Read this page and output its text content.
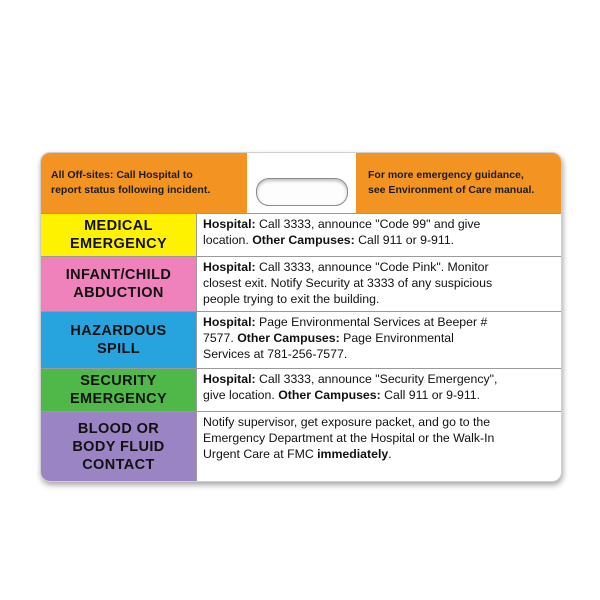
All Off-sites: Call Hospital to
report status following incident.
For more emergency guidance,
see Environment of Care manual.
MEDICAL
EMERGENCY
Hospital: Call 3333, announce "Code 99" and give
location. Other Campuses: Call 911 or 9-911.
INFANT/CHILD
ABDUCTION
Hospital: Call 3333, announce "Code Pink". Monitor
closest exit. Notify Security at 3333 of any suspicious
people trying to exit the building.
HAZARDOUS
SPILL
Hospital: Page Environmental Services at Beeper #
7577. Other Campuses: Page Environmental
Services at 781-256-7577.
SECURITY
EMERGENCY
Hospital: Call 3333, announce "Security Emergency",
give location. Other Campuses: Call 911 or 9-911.
BLOOD OR
BODY FLUID
CONTACT
Notify supervisor, get exposure packet, and go to the
Emergency Department at the Hospital or the Walk-In
Urgent Care at FMC immediately.
